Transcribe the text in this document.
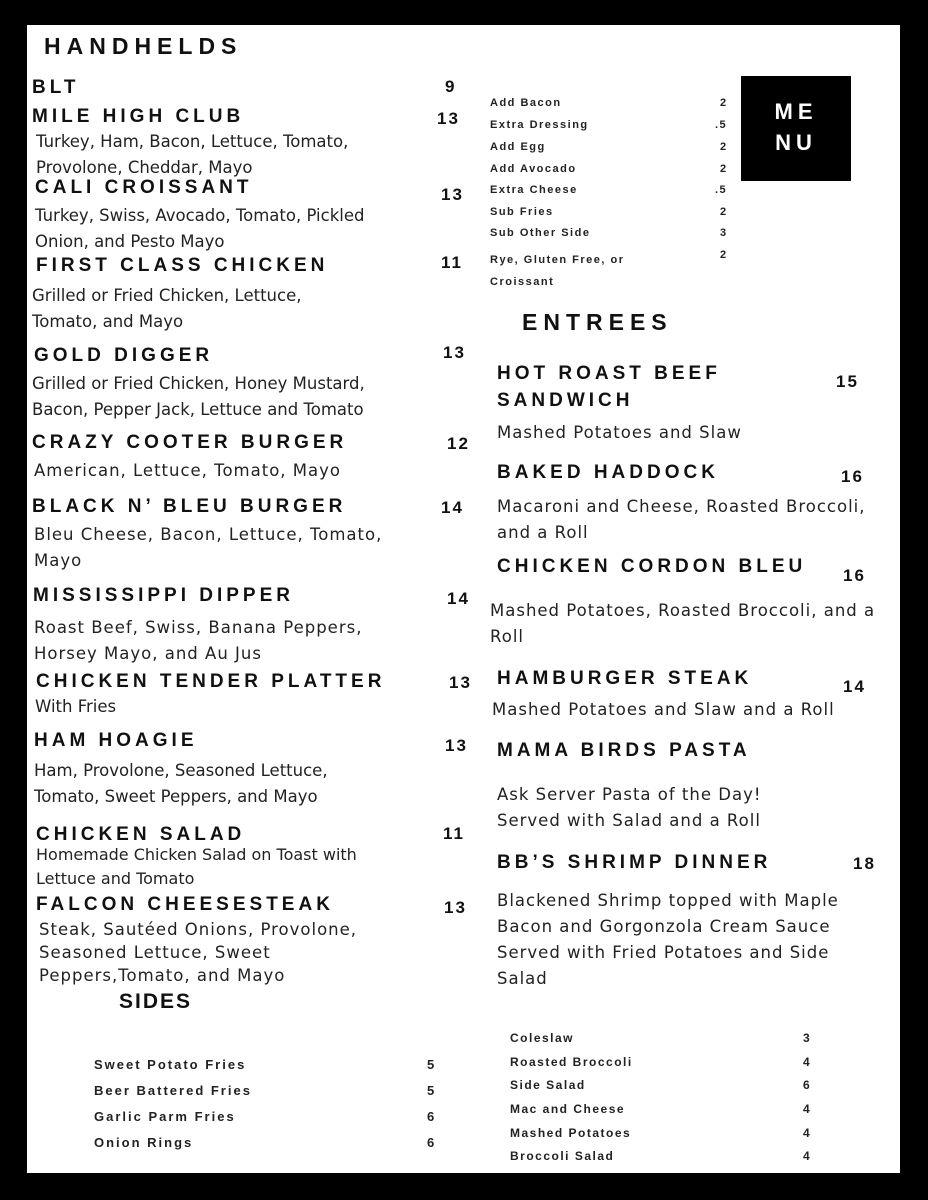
ME
NU
HANDHELDS
BLT	9
MILE HIGH CLUB	13
Turkey, Ham, Bacon, Lettuce, Tomato, Provolone, Cheddar, Mayo
CALI CROISSANT	13
Turkey, Swiss, Avocado, Tomato, Pickled Onion, and Pesto Mayo
FIRST CLASS CHICKEN	11
Grilled or Fried Chicken, Lettuce, Tomato, and Mayo
GOLD DIGGER	13
Grilled or Fried Chicken, Honey Mustard, Bacon, Pepper Jack, Lettuce and Tomato
CRAZY COOTER BURGER	12
American, Lettuce, Tomato, Mayo
BLACK N’ BLEU BURGER	14
Bleu Cheese, Bacon, Lettuce, Tomato, Mayo
MISSISSIPPI DIPPER	14
Roast Beef, Swiss, Banana Peppers, Horsey Mayo, and Au Jus
CHICKEN TENDER PLATTER	13
With Fries
HAM HOAGIE	13
Ham, Provolone, Seasoned Lettuce, Tomato, Sweet Peppers, and Mayo
CHICKEN SALAD	11
Homemade Chicken Salad on Toast with Lettuce and Tomato
FALCON CHEESESTEAK	13
Steak, Sautéed Onions, Provolone, Seasoned Lettuce, Sweet Peppers,Tomato, and Mayo
Add Bacon	2
Extra Dressing	.5
Add Egg	2
Add Avocado	2
Extra Cheese	.5
Sub Fries	2
Sub Other Side	3
Rye, Gluten Free, or Croissant
2
ENTREES
HOT ROAST BEEF SANDWICH
15
Mashed Potatoes and Slaw
BAKED HADDOCK	16
Macaroni and Cheese, Roasted Broccoli, and a Roll
CHICKEN CORDON BLEU 16
Mashed Potatoes, Roasted Broccoli, and a Roll
HAMBURGER STEAK	14
Mashed Potatoes and Slaw and a Roll
MAMA BIRDS PASTA
Ask Server Pasta of the Day! Served with Salad and a Roll
BB’S SHRIMP DINNER	18
Blackened Shrimp topped with Maple Bacon and Gorgonzola Cream Sauce Served with Fried Potatoes and Side Salad
SIDES
Sweet Potato Fries	5
Beer Battered Fries	5
Garlic Parm Fries	6
Onion Rings	6
Coleslaw	3
Roasted Broccoli	4
Side Salad	6
Mac and Cheese	4
Mashed Potatoes	4
Broccoli Salad	4
